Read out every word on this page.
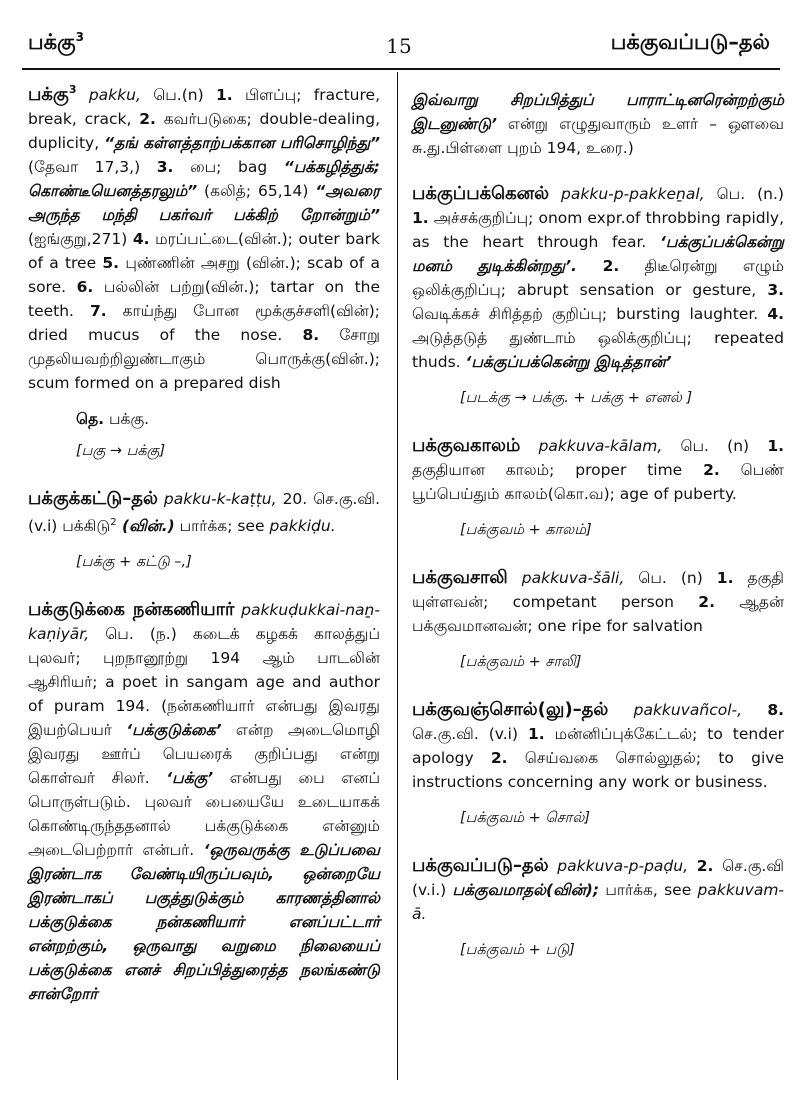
பக்கு$^3$	15	பக்குவப்படு–தல்
பக்கு$^3$ pakku, பெ.(n) 1. பிளப்பு; fracture, break, crack, 2. கவர்படுகை; double-dealing, duplicity, “தங் கள்ளத்தாற்பக்கான பரிசொழிந்து” (தேவா 17,3,) 3. பை; bag “பக்கழித்துக்; கொண்டீயெனத்தரலும்” (கலித்; 65,14) “அவரை அருந்த மந்தி பகர்வர் பக்கிற் றோன்றும்” (ஐங்குறு,271) 4. மரப்பட்டை(வின்.); outer bark of a tree 5. புண்ணின் அசறு (வின்.); scab of a sore. 6. பல்லின் பற்று(வின்.); tartar on the teeth. 7. காய்ந்து போன மூக்குச்சளி(வின்); dried mucus of the nose. 8. சோறு முதலியவற்றிலுண்டாகும் பொருக்கு(வின்.); scum formed on a prepared dish
தெ. பக்கு.
[பகு → பக்கு]
பக்குக்கட்டு–தல் pakku-k-kaṭṭu, 20. செ.கு.வி. (v.i) பக்கிடு$^2$ (வின்.) பார்க்க; see pakkiḍu.
[பக்கு + கட்டு –,]
பக்குடுக்கை நன்கணியார் pakkuḍukkai-naṉ-kaṇiyār, பெ. (ந.) கடைக் கழகக் காலத்துப் புலவர்; புறநானூற்று 194 ஆம் பாடலின் ஆசிரியர்; a poet in sangam age and author of puram 194. (நன்கணியார் என்பது இவரது இயற்பெயர் ‘பக்குடுக்கை’ என்ற அடைமொழி இவரது ஊர்ப் பெயரைக் குறிப்பது என்று கொள்வர் சிலர். ‘பக்கு’ என்பது பை எனப் பொருள்படும். புலவர் பையையே உடையாகக் கொண்டிருந்ததனால் பக்குடுக்கை என்னும் அடைபெற்றார் என்பர். ‘ஒருவருக்கு உடுப்பவை இரண்டாக வேண்டியிருப்பவும், ஒன்றையே இரண்டாகப் பகுத்துடுக்கும் காரணத்தினால் பக்குடுக்கை நன்கணியார் எனப்பட்டார் என்றற்கும், ஒருவாது வறுமை நிலையைப் பக்குடுக்கை எனச் சிறப்பித்துரைத்த நலங்கண்டு சான்றோர்
இவ்வாறு சிறப்பித்துப் பாராட்டினரென்றற்கும் இடனுண்டு’ என்று எழுதுவாரும் உளர் – ஔவை சு.து.பிள்ளை புறம் 194, உரை.)
பக்குப்பக்கெனல் pakku-p-pakkeṉal, பெ. (n.) 1. அச்சக்குறிப்பு; onom expr.of throbbing rapidly, as the heart through fear. ‘பக்குப்பக்கென்று மனம் துடிக்கின்றது’. 2. திடீரென்று எழும் ஒலிக்குறிப்பு; abrupt sensation or gesture, 3. வெடிக்கச் சிரித்தற் குறிப்பு; bursting laughter. 4. அடுத்தடுத் துண்டாம் ஒலிக்குறிப்பு; repeated thuds. ‘பக்குப்பக்கென்று இடித்தான்’
[படக்கு → பக்கு. + பக்கு + எனல் ]
பக்குவகாலம் pakkuva-kālam, பெ. (n) 1. தகுதியான காலம்; proper time 2. பெண் பூப்பெய்தும் காலம்(கொ.வ); age of puberty.
[பக்குவம் + காலம்]
பக்குவசாலி pakkuva-šāli, பெ. (n) 1. தகுதி யுள்ளவன்; competant person 2. ஆதன் பக்குவமானவன்; one ripe for salvation
[பக்குவம் + சாலி]
பக்குவஞ்சொல்(லு)–தல் pakkuvañcol-, 8. செ.கு.வி. (v.i) 1. மன்னிப்புக்கேட்டல்; to tender apology 2. செய்வகை சொல்லுதல்; to give instructions concerning any work or business.
[பக்குவம் + சொல்]
பக்குவப்படு–தல் pakkuva-p-paḍu, 2. செ.கு.வி (v.i.) பக்குவமாதல்(வின்); பார்க்க, see pakkuvam-ā.
[பக்குவம் + படு]
